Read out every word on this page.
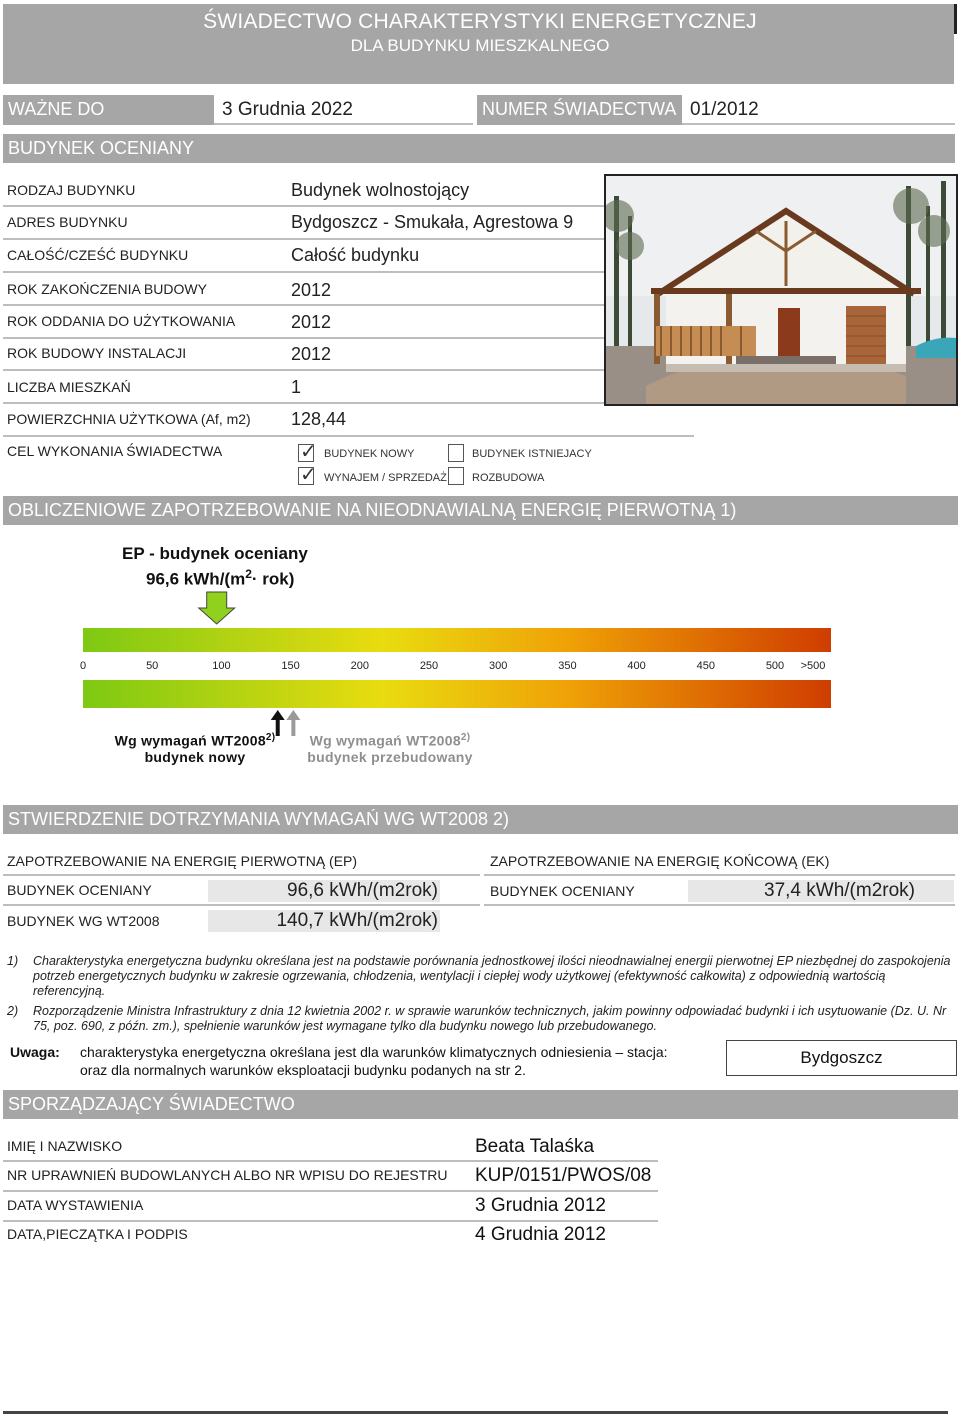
ŚWIADECTWO CHARAKTERYSTYKI ENERGETYCZNEJ
DLA BUDYNKU MIESZKALNEGO
WAŻNE DO	3 Grudnia 2022	NUMER ŚWIADECTWA 01/2012
BUDYNEK OCENIANY
RODZAJ BUDYNKU	Budynek wolnostojący
ADRES BUDYNKU	Bydgoszcz - Smukała, Agrestowa 9
CAŁOŚĆ/CZEŚĆ BUDYNKU	Całość budynku
ROK ZAKOŃCZENIA BUDOWY	2012
ROK ODDANIA DO UŻYTKOWANIA	2012
ROK BUDOWY INSTALACJI	2012
LICZBA MIESZKAŃ	1
POWIERZCHNIA UŻYTKOWA (Af, m2) 128,44
CEL WYKONANIA ŚWIADECTWA	✓ BUDYNEK NOWY	BUDYNEK ISTNIEJACY
✓ WYNAJEM / SPRZEDAŻ ROZBUDOWA
OBLICZENIOWE ZAPOTRZEBOWANIE NA NIEODNAWIALNĄ ENERGIĘ PIERWOTNĄ 1)
EP - budynek oceniany
96,6 kWh/$(m^2\cdot rok)$
0	50	100	150	200	250	300	350	400	450	500 >500
Wg wymagań WT2008$^{2)}$
budynek nowy
Wg wymagań WT2008$^{2)}$
budynek przebudowany
STWIERDZENIE DOTRZYMANIA WYMAGAŃ WG WT2008 2)
ZAPOTRZEBOWANIE NA ENERGIĘ PIERWOTNĄ (EP)	ZAPOTRZEBOWANIE NA ENERGIĘ KOŃCOWĄ (EK)
BUDYNEK OCENIANY	96,6 kWh/(m2rok)
BUDYNEK WG WT2008	140,7 kWh/(m2rok)
BUDYNEK OCENIANY	37,4 kWh/(m2rok)
1) Charakterystyka energetyczna budynku określana jest na podstawie porównania jednostkowej ilości nieodnawialnej energii pierwotnej EP niezbędnej do zaspokojenia potrzeb energetycznych budynku w zakresie ogrzewania, chłodzenia, wentylacji i ciepłej wody użytkowej (efektywność całkowita) z odpowiednią wartością referencyjną.
2) Rozporządzenie Ministra Infrastruktury z dnia 12 kwietnia 2002 r. w sprawie warunków technicznych, jakim powinny odpowiadać budynki i ich usytuowanie (Dz. U. Nr 75, poz. 690, z późn. zm.), spełnienie warunków jest wymagane tylko dla budynku nowego lub przebudowanego.
Uwaga: charakterystyka energetyczna określana jest dla warunków klimatycznych odniesienia – stacja:
oraz dla normalnych warunków eksploatacji budynku podanych na str 2.
Bydgoszcz
SPORZĄDZAJĄCY ŚWIADECTWO
IMIĘ I NAZWISKO	Beata Talaśka
NR UPRAWNIEŃ BUDOWLANYCH ALBO NR WPISU DO REJESTRU KUP/0151/PWOS/08
DATA WYSTAWIENIA	3 Grudnia 2012
DATA,PIECZĄTKA I PODPIS	4 Grudnia 2012
